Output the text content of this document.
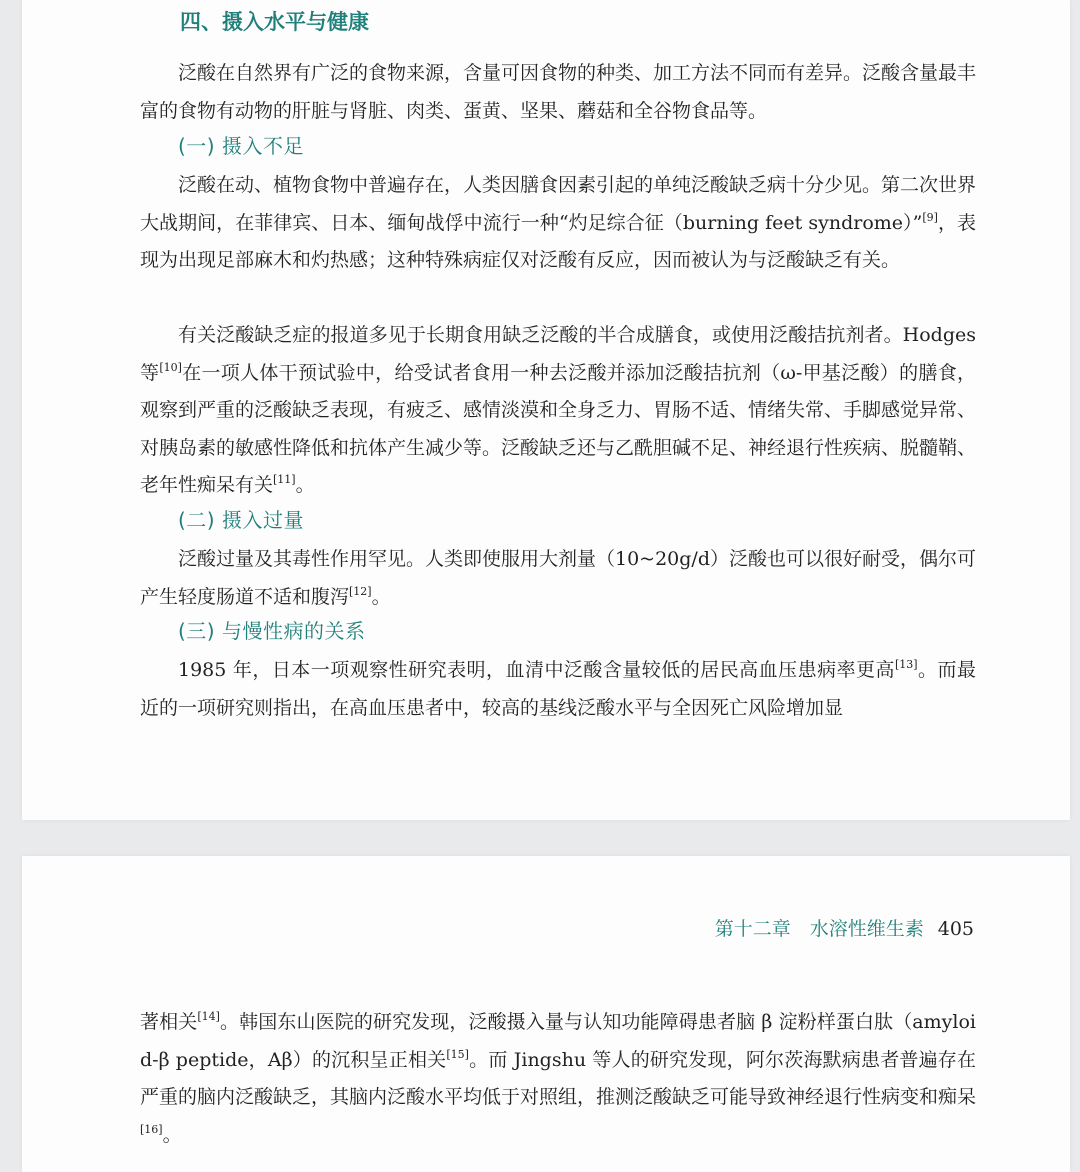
四、摄入水平与健康

泛酸在自然界有广泛的食物来源，含量可因食物的种类、加工方法不同而有差异。泛酸含量最丰富的食物有动物的肝脏与肾脏、肉类、蛋黄、坚果、蘑菇和全谷物食品等。

(一) 摄入不足

泛酸在动、植物食物中普遍存在，人类因膳食因素引起的单纯泛酸缺乏病十分少见。第二次世界大战期间，在菲律宾、日本、缅甸战俘中流行一种“灼足综合征（burning feet syndrome）”[9]，表现为出现足部麻木和灼热感；这种特殊病症仅对泛酸有反应，因而被认为与泛酸缺乏有关。

有关泛酸缺乏症的报道多见于长期食用缺乏泛酸的半合成膳食，或使用泛酸拮抗剂者。Hodges 等[10]在一项人体干预试验中，给受试者食用一种去泛酸并添加泛酸拮抗剂（ω-甲基泛酸）的膳食，观察到严重的泛酸缺乏表现，有疲乏、感情淡漠和全身乏力、胃肠不适、情绪失常、手脚感觉异常、对胰岛素的敏感性降低和抗体产生减少等。泛酸缺乏还与乙酰胆碱不足、神经退行性疾病、脱髓鞘、老年性痴呆有关[11]。

(二) 摄入过量

泛酸过量及其毒性作用罕见。人类即使服用大剂量（10~20g/d）泛酸也可以很好耐受，偶尔可产生轻度肠道不适和腹泻[12]。

(三) 与慢性病的关系

1985 年，日本一项观察性研究表明，血清中泛酸含量较低的居民高血压患病率更高[13]。而最近的一项研究则指出，在高血压患者中，较高的基线泛酸水平与全因死亡风险增加显

第十二章　水溶性维生素 405

著相关[14]。韩国东山医院的研究发现，泛酸摄入量与认知功能障碍患者脑 β 淀粉样蛋白肽（amyloid-β peptide，Aβ）的沉积呈正相关[15]。而 Jingshu 等人的研究发现，阿尔茨海默病患者普遍存在严重的脑内泛酸缺乏，其脑内泛酸水平均低于对照组，推测泛酸缺乏可能导致神经退行性病变和痴呆[16]。
